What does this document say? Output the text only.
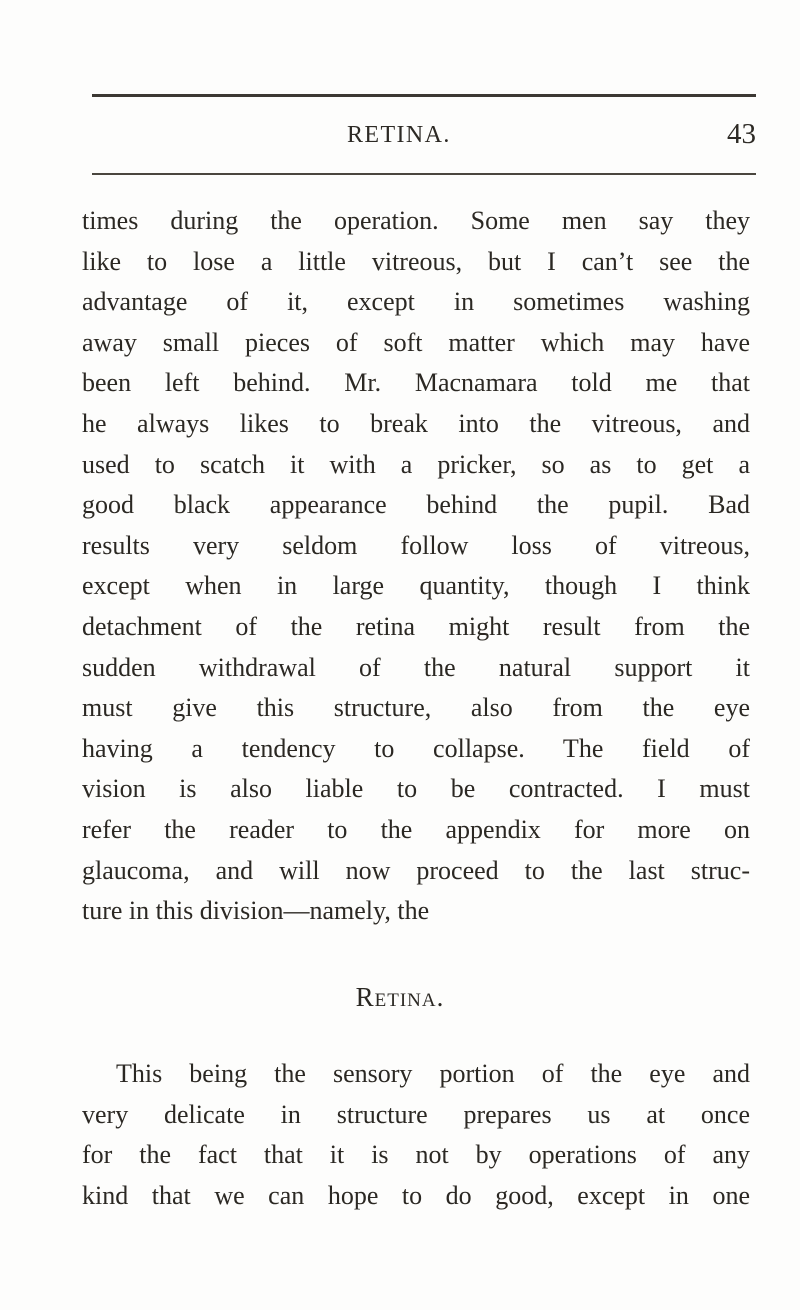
RETINA.	43
times during the operation. Some men say they
like to lose a little vitreous, but I can’t see the
advantage of it, except in sometimes washing
away small pieces of soft matter which may have
been left behind. Mr. Macnamara told me that
he always likes to break into the vitreous, and
used to scatch it with a pricker, so as to get a
good black appearance behind the pupil. Bad
results very seldom follow loss of vitreous,
except when in large quantity, though I think
detachment of the retina might result from the
sudden withdrawal of the natural support it
must give this structure, also from the eye
having a tendency to collapse. The field of
vision is also liable to be contracted. I must
refer the reader to the appendix for more on
glaucoma, and will now proceed to the last struc-
ture in this division—namely, the
Retina.
This being the sensory portion of the eye and
very delicate in structure prepares us at once
for the fact that it is not by operations of any
kind that we can hope to do good, except in one
